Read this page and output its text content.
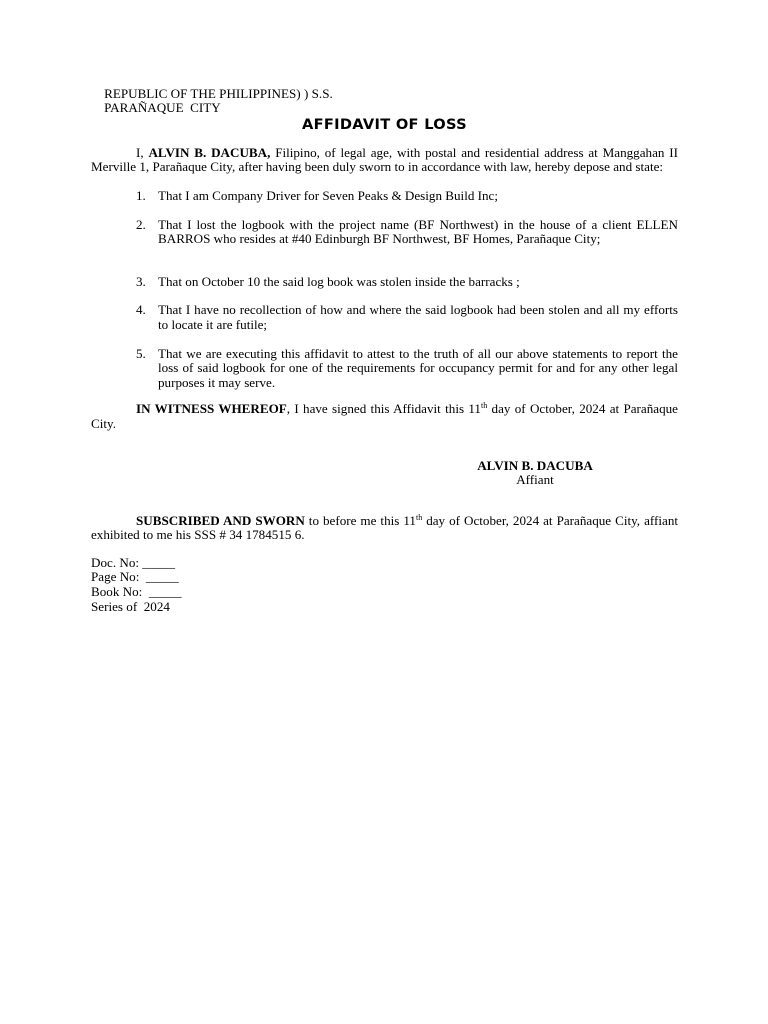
REPUBLIC OF THE PHILIPPINES)

PARAÑAQUE  CITY

) S.S.

AFFIDAVIT OF LOSS

I, ALVIN B. DACUBA, Filipino, of legal age, with postal and residential address at Manggahan II Merville 1, Parañaque City, after having been duly sworn to in accordance with law, hereby depose and state:

1. That I am Company Driver for Seven Peaks & Design Build Inc;
2. That I lost the logbook with the project name (BF Northwest) in the house of a client ELLEN BARROS who resides at #40 Edinburgh BF Northwest, BF Homes, Parañaque City;
3. That on October 10 the said log book was stolen inside the barracks ;
4. That I have no recollection of how and where the said logbook had been stolen and all my efforts to locate it are futile;
5. That we are executing this affidavit to attest to the truth of all our above statements to report the loss of said logbook for one of the requirements for occupancy permit for and for any other legal purposes it may serve.

IN WITNESS WHEREOF, I have signed this Affidavit this 11th day of October, 2024 at Parañaque City.

ALVIN B. DACUBA
Affiant

SUBSCRIBED AND SWORN to before me this 11th day of October, 2024 at Parañaque City, affiant exhibited to me his SSS # 34 1784515 6.

Doc. No: _____
Page No:  _____
Book No:  _____
Series of  2024
